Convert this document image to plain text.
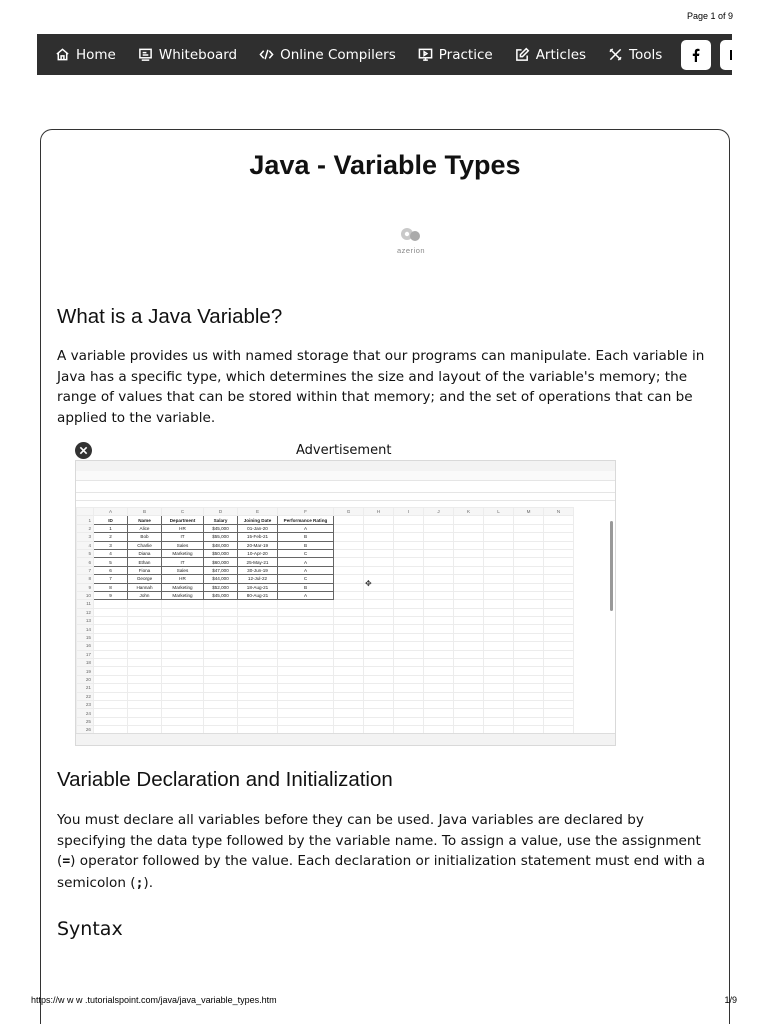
Page 1 of 9
Home	Whiteboard	Online Compilers	Practice	Articles	Tools
Java - Variable Types
azerion
What is a Java Variable?

A variable provides us with named storage that our programs can manipulate. Each variable in Java has a specific type, which determines the size and layout of the variable's memory; the range of values that can be stored within that memory; and the set of operations that can be applied to the variable.

Advertisement
	A	B	C	D	E	F	G	H	I	J	K	L	M	N
1	ID	Name	Department	Salary	Joining Date	Performance Rating								
2	1	Alice	HR	$45,000	01-Jan-20	A								
3	2	Bob	IT	$55,000	15-Feb-21	B								
4	3	Charlie	Sales	$48,000	20-Mar-19	B								
5	4	Diana	Marketing	$50,000	10-Apr-20	C								
6	5	Ethan	IT	$60,000	25-May-21	A								
7	6	Fiona	Sales	$47,000	30-Jun-19	A								
8	7	George	HR	$44,000	12-Jul-22	C								
9	8	Hannah	Marketing	$52,000	18-Aug-21	B								
10	9	John	Marketing	$45,000	80-Aug-21	A								
11														
12														
13														
14														
15														
16														
17														
18														
19														
20														
21														
22														
23														
24														
25														
26														
✥
Variable Declaration and Initialization

You must declare all variables before they can be used. Java variables are declared by specifying the data type followed by the variable name. To assign a value, use the assignment (=) operator followed by the value. Each declaration or initialization statement must end with a semicolon (;).

Syntax
https://w w w .tutorialspoint.com/java/java_variable_types.htm	1/9
